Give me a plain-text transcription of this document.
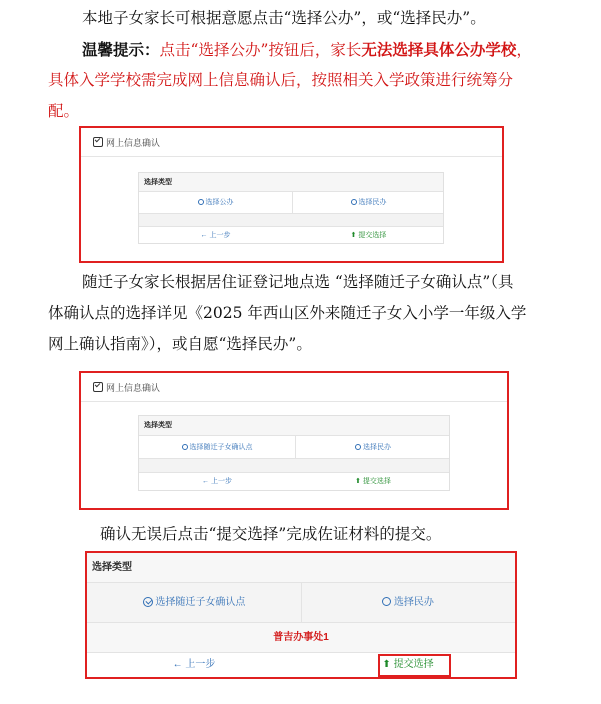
本地子女家长可根据意愿点击“选择公办”，或“选择民办”。
温馨提示：点击“选择公办”按钮后，家长无法选择具体公办学校，
具体入学学校需完成网上信息确认后，按照相关入学政策进行统筹分
配。
网上信息确认
选择类型
选择公办	选择民办
← 上一步	⬆ 提交选择
随迁子女家长根据居住证登记地点选 “选择随迁子女确认点”（具
体确认点的选择详见《2025 年西山区外来随迁子女入小学一年级入学
网上确认指南》），或自愿“选择民办”。
网上信息确认
选择类型
选择随迁子女确认点	选择民办
← 上一步	⬆ 提交选择
确认无误后点击“提交选择”完成佐证材料的提交。
选择类型
选择随迁子女确认点	选择民办
普吉办事处1
← 上一步	⬆ 提交选择
